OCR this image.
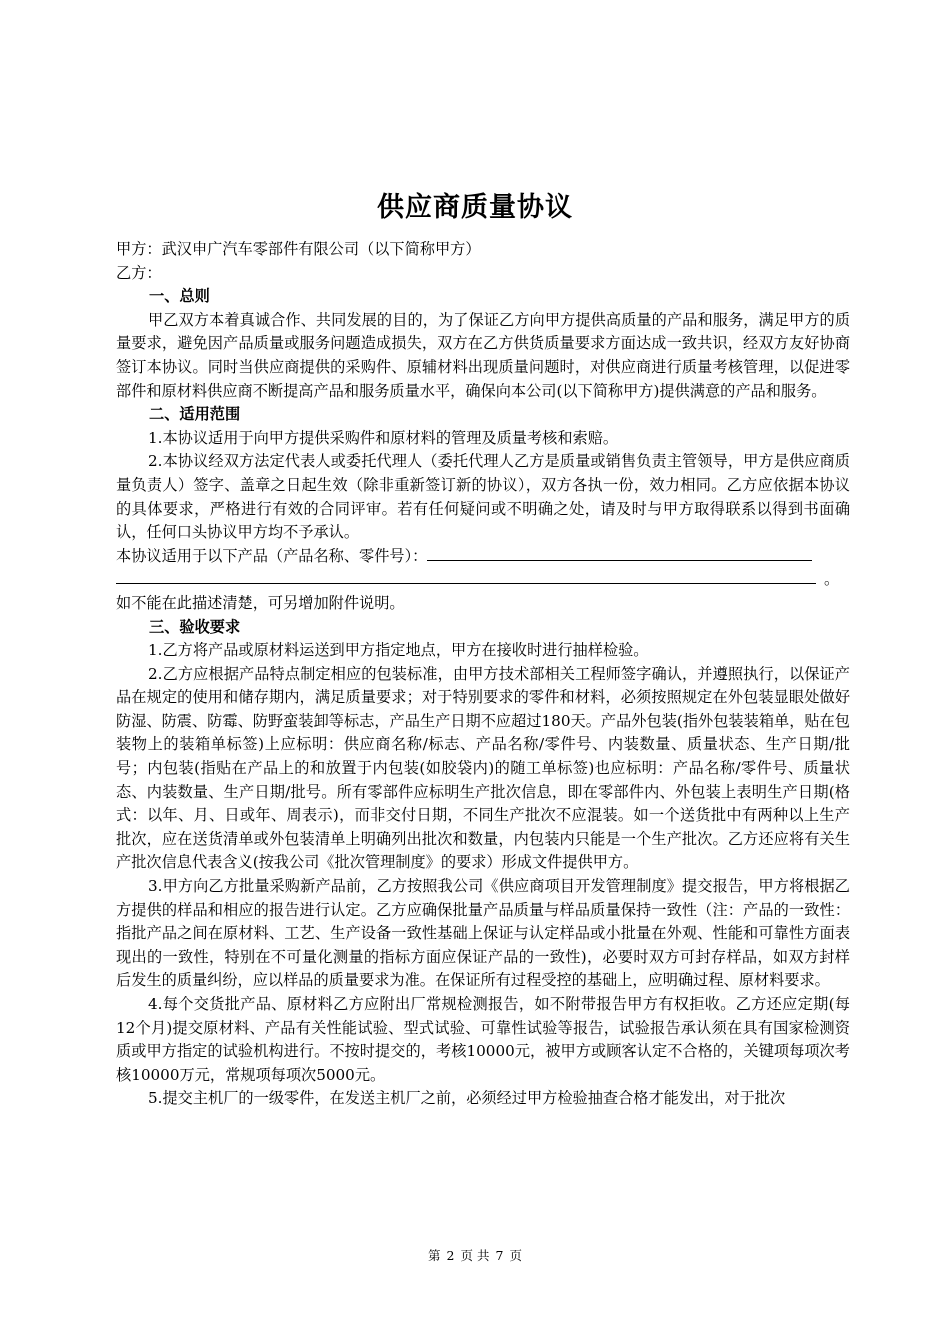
供应商质量协议
甲方：武汉申广汽车零部件有限公司（以下简称甲方）
乙方：
一、总则

甲乙双方本着真诚合作、共同发展的目的，为了保证乙方向甲方提供高质量的产品和服务，满足甲方的质量要求，避免因产品质量或服务问题造成损失，双方在乙方供货质量要求方面达成一致共识，经双方友好协商签订本协议。同时当供应商提供的采购件、原辅材料出现质量问题时，对供应商进行质量考核管理，以促进零部件和原材料供应商不断提高产品和服务质量水平，确保向本公司(以下简称甲方)提供满意的产品和服务。

二、适用范围

1.本协议适用于向甲方提供采购件和原材料的管理及质量考核和索赔。

2.本协议经双方法定代表人或委托代理人（委托代理人乙方是质量或销售负责主管领导，甲方是供应商质量负责人）签字、盖章之日起生效（除非重新签订新的协议），双方各执一份，效力相同。乙方应依据本协议的具体要求，严格进行有效的合同评审。若有任何疑问或不明确之处，请及时与甲方取得联系以得到书面确认，任何口头协议甲方均不予承认。

本协议适用于以下产品（产品名称、零件号）：
。
如不能在此描述清楚，可另增加附件说明。
三、验收要求

1.乙方将产品或原材料运送到甲方指定地点，甲方在接收时进行抽样检验。

2.乙方应根据产品特点制定相应的包装标准，由甲方技术部相关工程师签字确认，并遵照执行，以保证产品在规定的使用和储存期内，满足质量要求；对于特别要求的零件和材料，必须按照规定在外包装显眼处做好防湿、防震、防霉、防野蛮装卸等标志，产品生产日期不应超过180天。产品外包装(指外包装装箱单，贴在包装物上的装箱单标签)上应标明：供应商名称/标志、产品名称/零件号、内装数量、质量状态、生产日期/批号；内包装(指贴在产品上的和放置于内包装(如胶袋内)的随工单标签)也应标明：产品名称/零件号、质量状态、内装数量、生产日期/批号。所有零部件应标明生产批次信息，即在零部件内、外包装上表明生产日期(格式：以年、月、日或年、周表示)，而非交付日期，不同生产批次不应混装。如一个送货批中有两种以上生产批次，应在送货清单或外包装清单上明确列出批次和数量，内包装内只能是一个生产批次。乙方还应将有关生产批次信息代表含义(按我公司《批次管理制度》的要求）形成文件提供甲方。

3.甲方向乙方批量采购新产品前，乙方按照我公司《供应商项目开发管理制度》提交报告，甲方将根据乙方提供的样品和相应的报告进行认定。乙方应确保批量产品质量与样品质量保持一致性（注：产品的一致性：指批产品之间在原材料、工艺、生产设备一致性基础上保证与认定样品或小批量在外观、性能和可靠性方面表现出的一致性，特别在不可量化测量的指标方面应保证产品的一致性)，必要时双方可封存样品，如双方封样后发生的质量纠纷，应以样品的质量要求为准。在保证所有过程受控的基础上，应明确过程、原材料要求。

4.每个交货批产品、原材料乙方应附出厂常规检测报告，如不附带报告甲方有权拒收。乙方还应定期(每12个月)提交原材料、产品有关性能试验、型式试验、可靠性试验等报告，试验报告承认须在具有国家检测资质或甲方指定的试验机构进行。不按时提交的，考核10000元，被甲方或顾客认定不合格的，关键项每项次考核10000万元，常规项每项次5000元。

5.提交主机厂的一级零件，在发送主机厂之前，必须经过甲方检验抽查合格才能发出，对于批次

第 2 页 共 7 页
